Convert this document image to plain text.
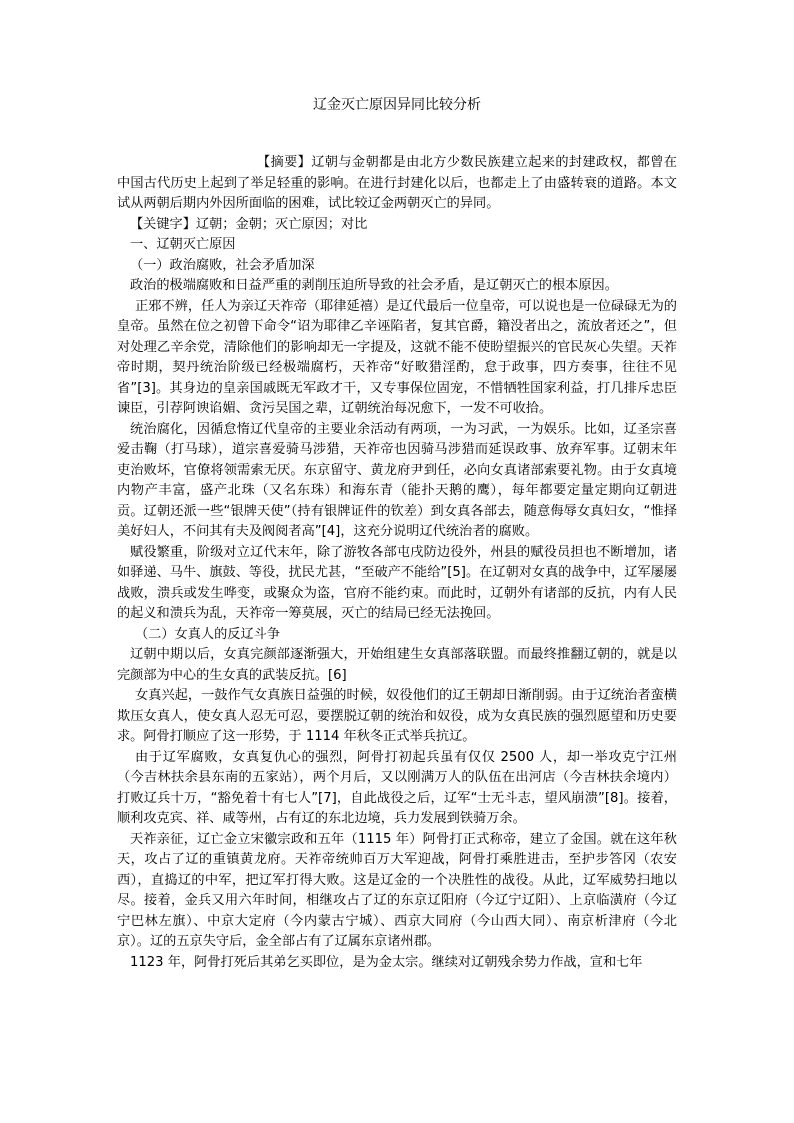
辽金灭亡原因异同比较分析

【摘要】辽朝与金朝都是由北方少数民族建立起来的封建政权，都曾在中国古代历史上起到了举足轻重的影响。在进行封建化以后，也都走上了由盛转衰的道路。本文试从两朝后期内外因所面临的困难，试比较辽金两朝灭亡的异同。

【关键字】辽朝；金朝；灭亡原因；对比

一、辽朝灭亡原因

（一）政治腐败，社会矛盾加深

政治的极端腐败和日益严重的剥削压迫所导致的社会矛盾，是辽朝灭亡的根本原因。

正邪不辨，任人为亲辽天祚帝（耶律延禧）是辽代最后一位皇帝，可以说也是一位碌碌无为的皇帝。虽然在位之初曾下命令“诏为耶律乙辛诬陷者，复其官爵，籍没者出之，流放者还之”，但对处理乙辛余党，清除他们的影响却无一字提及，这就不能不使盼望振兴的官民灰心失望。天祚帝时期，契丹统治阶级已经极端腐朽，天祚帝“好畋猎淫酌，怠于政事，四方奏事，往往不见省”[3]。其身边的皇亲国戚既无军政才干，又专事保位固宠，不惜牺牲国家利益，打几排斥忠臣谏臣，引荐阿谀谄媚、贪污吴国之辈，辽朝统治每况愈下，一发不可收拾。

统治腐化，因循怠惰辽代皇帝的主要业余活动有两项，一为习武，一为娱乐。比如，辽圣宗喜爱击鞠（打马球），道宗喜爱骑马涉猎，天祚帝也因骑马涉猎而延误政事、放弃军事。辽朝末年吏治败坏，官僚将领需索无厌。东京留守、黄龙府尹到任，必向女真诸部索要礼物。由于女真境内物产丰富，盛产北珠（又名东珠）和海东青（能扑天鹅的鹰），每年都要定量定期向辽朝进贡。辽朝还派一些“银牌天使”（持有银牌证件的钦差）到女真各部去，随意侮辱女真妇女，“惟择美好妇人，不问其有夫及阀阅者高”[4]，这充分说明辽代统治者的腐败。

赋役繁重，阶级对立辽代末年，除了游牧各部屯戌防边役外，州县的赋役员担也不断增加，诸如驿递、马牛、旗鼓、等役，扰民尤甚，“至破产不能给”[5]。在辽朝对女真的战争中，辽军屡屡战败，溃兵或发生哗变，或聚众为盗，官府不能约束。而此时，辽朝外有诸部的反抗，内有人民的起义和溃兵为乱，天祚帝一筹莫展，灭亡的结局已经无法挽回。

（二）女真人的反辽斗争

辽朝中期以后，女真完颜部逐渐强大，开始组建生女真部落联盟。而最终推翻辽朝的，就是以完颜部为中心的生女真的武装反抗。[6]

女真兴起，一鼓作气女真族日益强的时候，奴役他们的辽王朝却日渐削弱。由于辽统治者蛮横欺压女真人，使女真人忍无可忍，要摆脱辽朝的统治和奴役，成为女真民族的强烈愿望和历史要求。阿骨打顺应了这一形势，于 1114 年秋冬正式举兵抗辽。

由于辽军腐败，女真复仇心的强烈，阿骨打初起兵虽有仅仅 2500 人，却一举攻克宁江州（今吉林扶余县东南的五家站），两个月后，又以刚满万人的队伍在出河店（今吉林扶余境内）打败辽兵十万，“豁免着十有七人”[7]，自此战役之后，辽军“士无斗志，望风崩溃”[8]。接着，顺利攻克宾、祥、咸等州，占有辽的东北边境，兵力发展到铁骑万余。

天祚亲征，辽亡金立宋徽宗政和五年（1115 年）阿骨打正式称帝，建立了金国。就在这年秋天，攻占了辽的重镇黄龙府。天祚帝统帅百万大军迎战，阿骨打乘胜进击，至护步答冈（农安西），直捣辽的中军，把辽军打得大败。这是辽金的一个决胜性的战役。从此，辽军威势扫地以尽。接着，金兵又用六年时间，相继攻占了辽的东京辽阳府（今辽宁辽阳）、上京临潢府（今辽宁巴林左旗）、中京大定府（今内蒙古宁城）、西京大同府（今山西大同）、南京析津府（今北京）。辽的五京失守后，金全部占有了辽属东京诸州郡。

1123 年，阿骨打死后其弟乞买即位，是为金太宗。继续对辽朝残余势力作战，宣和七年
